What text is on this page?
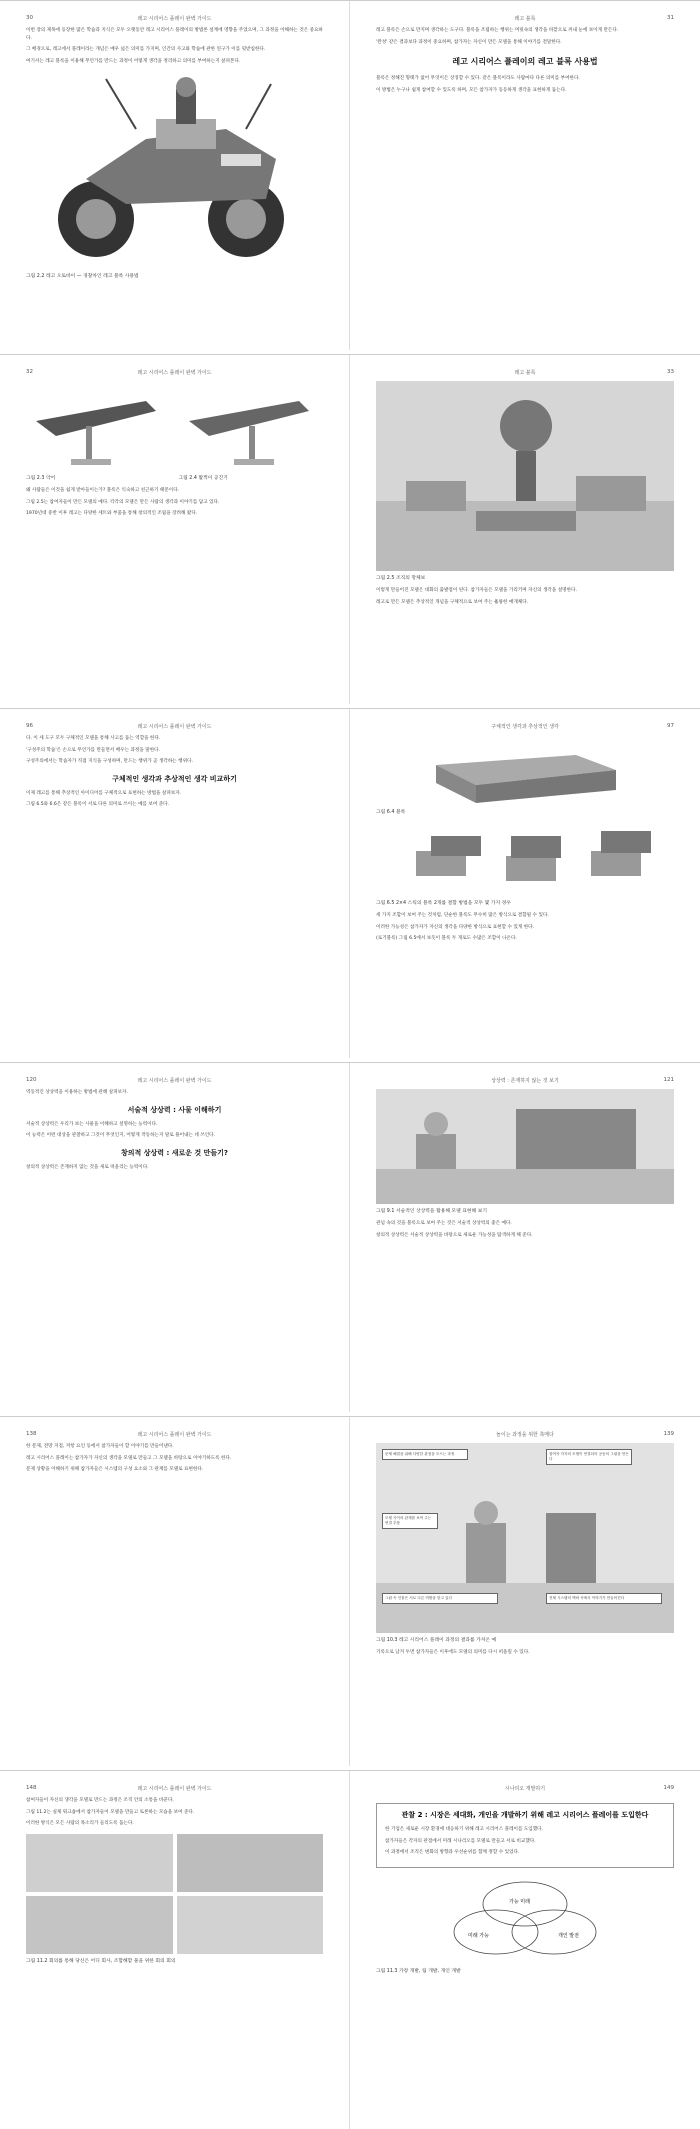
30	레고 시리어스 플레이 완벽 가이드

이번 장의 제목에 등장한 많은 학습과 지식은 모두 오랫동안 레고 시리어스 플레이의 방법론 설계에 영향을 주었으며, 그 과정을 이해하는 것은 중요하다.

그 배경으로, 레고에서 플레이라는 개념은 매우 넓은 의미를 가지며, 인간의 사고와 학습에 관한 연구가 이를 뒷받침한다.

여기서는 레고 블록을 이용해 무언가를 만드는 과정이 어떻게 생각을 정리하고 의미를 부여하는지 살펴본다.

그림 2.2 레고 오토바이 — 경찰차인 레고 블록 사용법
레고 블록	31

레고 블록은 손으로 만지며 생각하는 도구다. 블록을 조립하는 행위는 머릿속의 생각을 바깥으로 꺼내 눈에 보이게 만든다.

'완성' 같은 결과보다 과정이 중요하며, 참가자는 자신이 만든 모델을 통해 이야기를 전달한다.

레고 시리어스 플레이의 레고 블록 사용법

블록은 정해진 형태가 없어 무엇이든 상징할 수 있다. 같은 블록이라도 사람마다 다른 의미를 부여한다.

이 방법은 누구나 쉽게 참여할 수 있도록 하며, 모든 참가자가 동등하게 생각을 표현하게 돕는다.

32	레고 시리어스 플레이 완벽 가이드
그림 2.3 악어	그림 2.4 활쩍이 공진기

왜 사람들은 이것을 쉽게 받아들이는가? 블록은 익숙하고 친근하기 때문이다.

그림 2.5는 참여자들이 만든 모델의 예다. 각각의 모델은 만든 사람의 생각과 이야기를 담고 있다.

1970년대 중반 이후 레고는 다양한 세트와 부품을 통해 창의적인 조립을 장려해 왔다.

레고 블록	33
그림 2.5 조직의 망체보

이렇게 만들어진 모델은 대화의 출발점이 된다. 참가자들은 모델을 가리키며 자신의 생각을 설명한다.

레고로 만든 모델은 추상적인 개념을 구체적으로 보여 주는 훌륭한 매개체다.

96	레고 시리어스 플레이 완벽 가이드

다. 이 세 도구 모두 구체적인 모델을 통해 사고를 돕는 역할을 한다.

'구성주의 학습'은 손으로 무언가를 만들면서 배우는 과정을 말한다.

구성주의에서는 학습자가 직접 지식을 구성하며, 만드는 행위가 곧 생각하는 행위다.

구체적인 생각과 추상적인 생각 비교하기

이제 레고를 통해 추상적인 아이디어를 구체적으로 표현하는 방법을 살펴보자.

그림 6.5와 6.6은 같은 블록이 서로 다른 의미로 쓰이는 예를 보여 준다.

구체적인 생각과 추상적인 생각	97
그림 6.4 블록
그림 6.5 2×4 스틱의 블록 2개를 결합 방법을 모두 몇 가지 경우

세 가지 조합이 보여 주는 것처럼, 단순한 블록도 무수히 많은 방식으로 결합될 수 있다.

이러한 가능성은 참가자가 자신의 생각을 다양한 방식으로 표현할 수 있게 한다.

(로기블록) 그림 6.5에서 보듯이 블록 두 개로도 수많은 조합이 나온다.

120	레고 시리어스 플레이 완벽 가이드

역동적인 상상력을 이용하는 방법에 관해 살펴보자.

서술적 상상력 : 사물 이해하기

서술적 상상력은 우리가 보는 사물을 이해하고 설명하는 능력이다.

이 능력은 어떤 대상을 관찰하고 그것이 무엇인지, 어떻게 작동하는지 말로 풀어내는 데 쓰인다.

창의적 상상력 : 새로운 것 만들기?

창의적 상상력은 존재하지 않는 것을 새로 떠올리는 능력이다.

상상력 : 존재하지 않는 것 보기	121
그림 9.1 서술적인 상상력을 활용해 모델 표현해 보기

관념 속의 것을 블록으로 보여 주는 것은 서술적 상상력의 좋은 예다.

창의적 상상력은 서술적 상상력을 바탕으로 새로운 가능성을 탐색하게 해 준다.

138	레고 시리어스 플레이 완벽 가이드

한 문제, 전망 지점, 저항 요인 등에서 참가자들이 할 이야기를 만들어낸다.

레고 시리어스 플레이는 참가자가 자신의 생각을 모델로 만들고 그 모델을 바탕으로 이야기하도록 한다.

문제 상황을 이해하기 위해 참가자들은 시스템의 구성 요소와 그 관계를 모델로 표현한다.

놀이는 과정을 위한 촉매다	139
문제 해결을 위해 다양한 관점을 모으는 과정	참여자 각자의 모델이 연결되어 공동의 그림을 만든다
모델 사이의 관계를 보여 주는 연결 부품
그림 속 인물은 서로 다른 역할을 맡고 있다	전체 시스템의 맥락 속에서 이야기가 만들어진다
그림 10.3 레고 시리어스 플레이 과정의 결과를 가져온 예

기록으로 남겨 두면 참가자들은 이후에도 모델의 의미를 다시 떠올릴 수 있다.

148	레고 시리어스 플레이 완벽 가이드

참여자들이 자신의 생각을 모델로 만드는 과정은 조직 안의 소통을 바꾼다.

그림 11.2는 실제 워크숍에서 참가자들이 모델을 만들고 토론하는 모습을 보여 준다.

이러한 방식은 모든 사람의 목소리가 들리도록 돕는다.

그림 11.2 회의를 통해 당신은 어디 회사, 조합해할 물을 위한 회의 회의
시나리오 개발하기	149
관찰 2 : 시장은 세대화, 개인을 개발하기 위해 레고 시리어스 플레이를 도입한다

한 기업은 새로운 시장 환경에 대응하기 위해 레고 시리어스 플레이를 도입했다.

참가자들은 각자의 관점에서 미래 시나리오를 모델로 만들고 서로 비교했다.

이 과정에서 조직은 변화의 방향과 우선순위를 함께 정할 수 있었다.

가능 미래
미래 가능	개인 발전
그림 11.3 가장 개발, 팀 개발, 개인 개발
